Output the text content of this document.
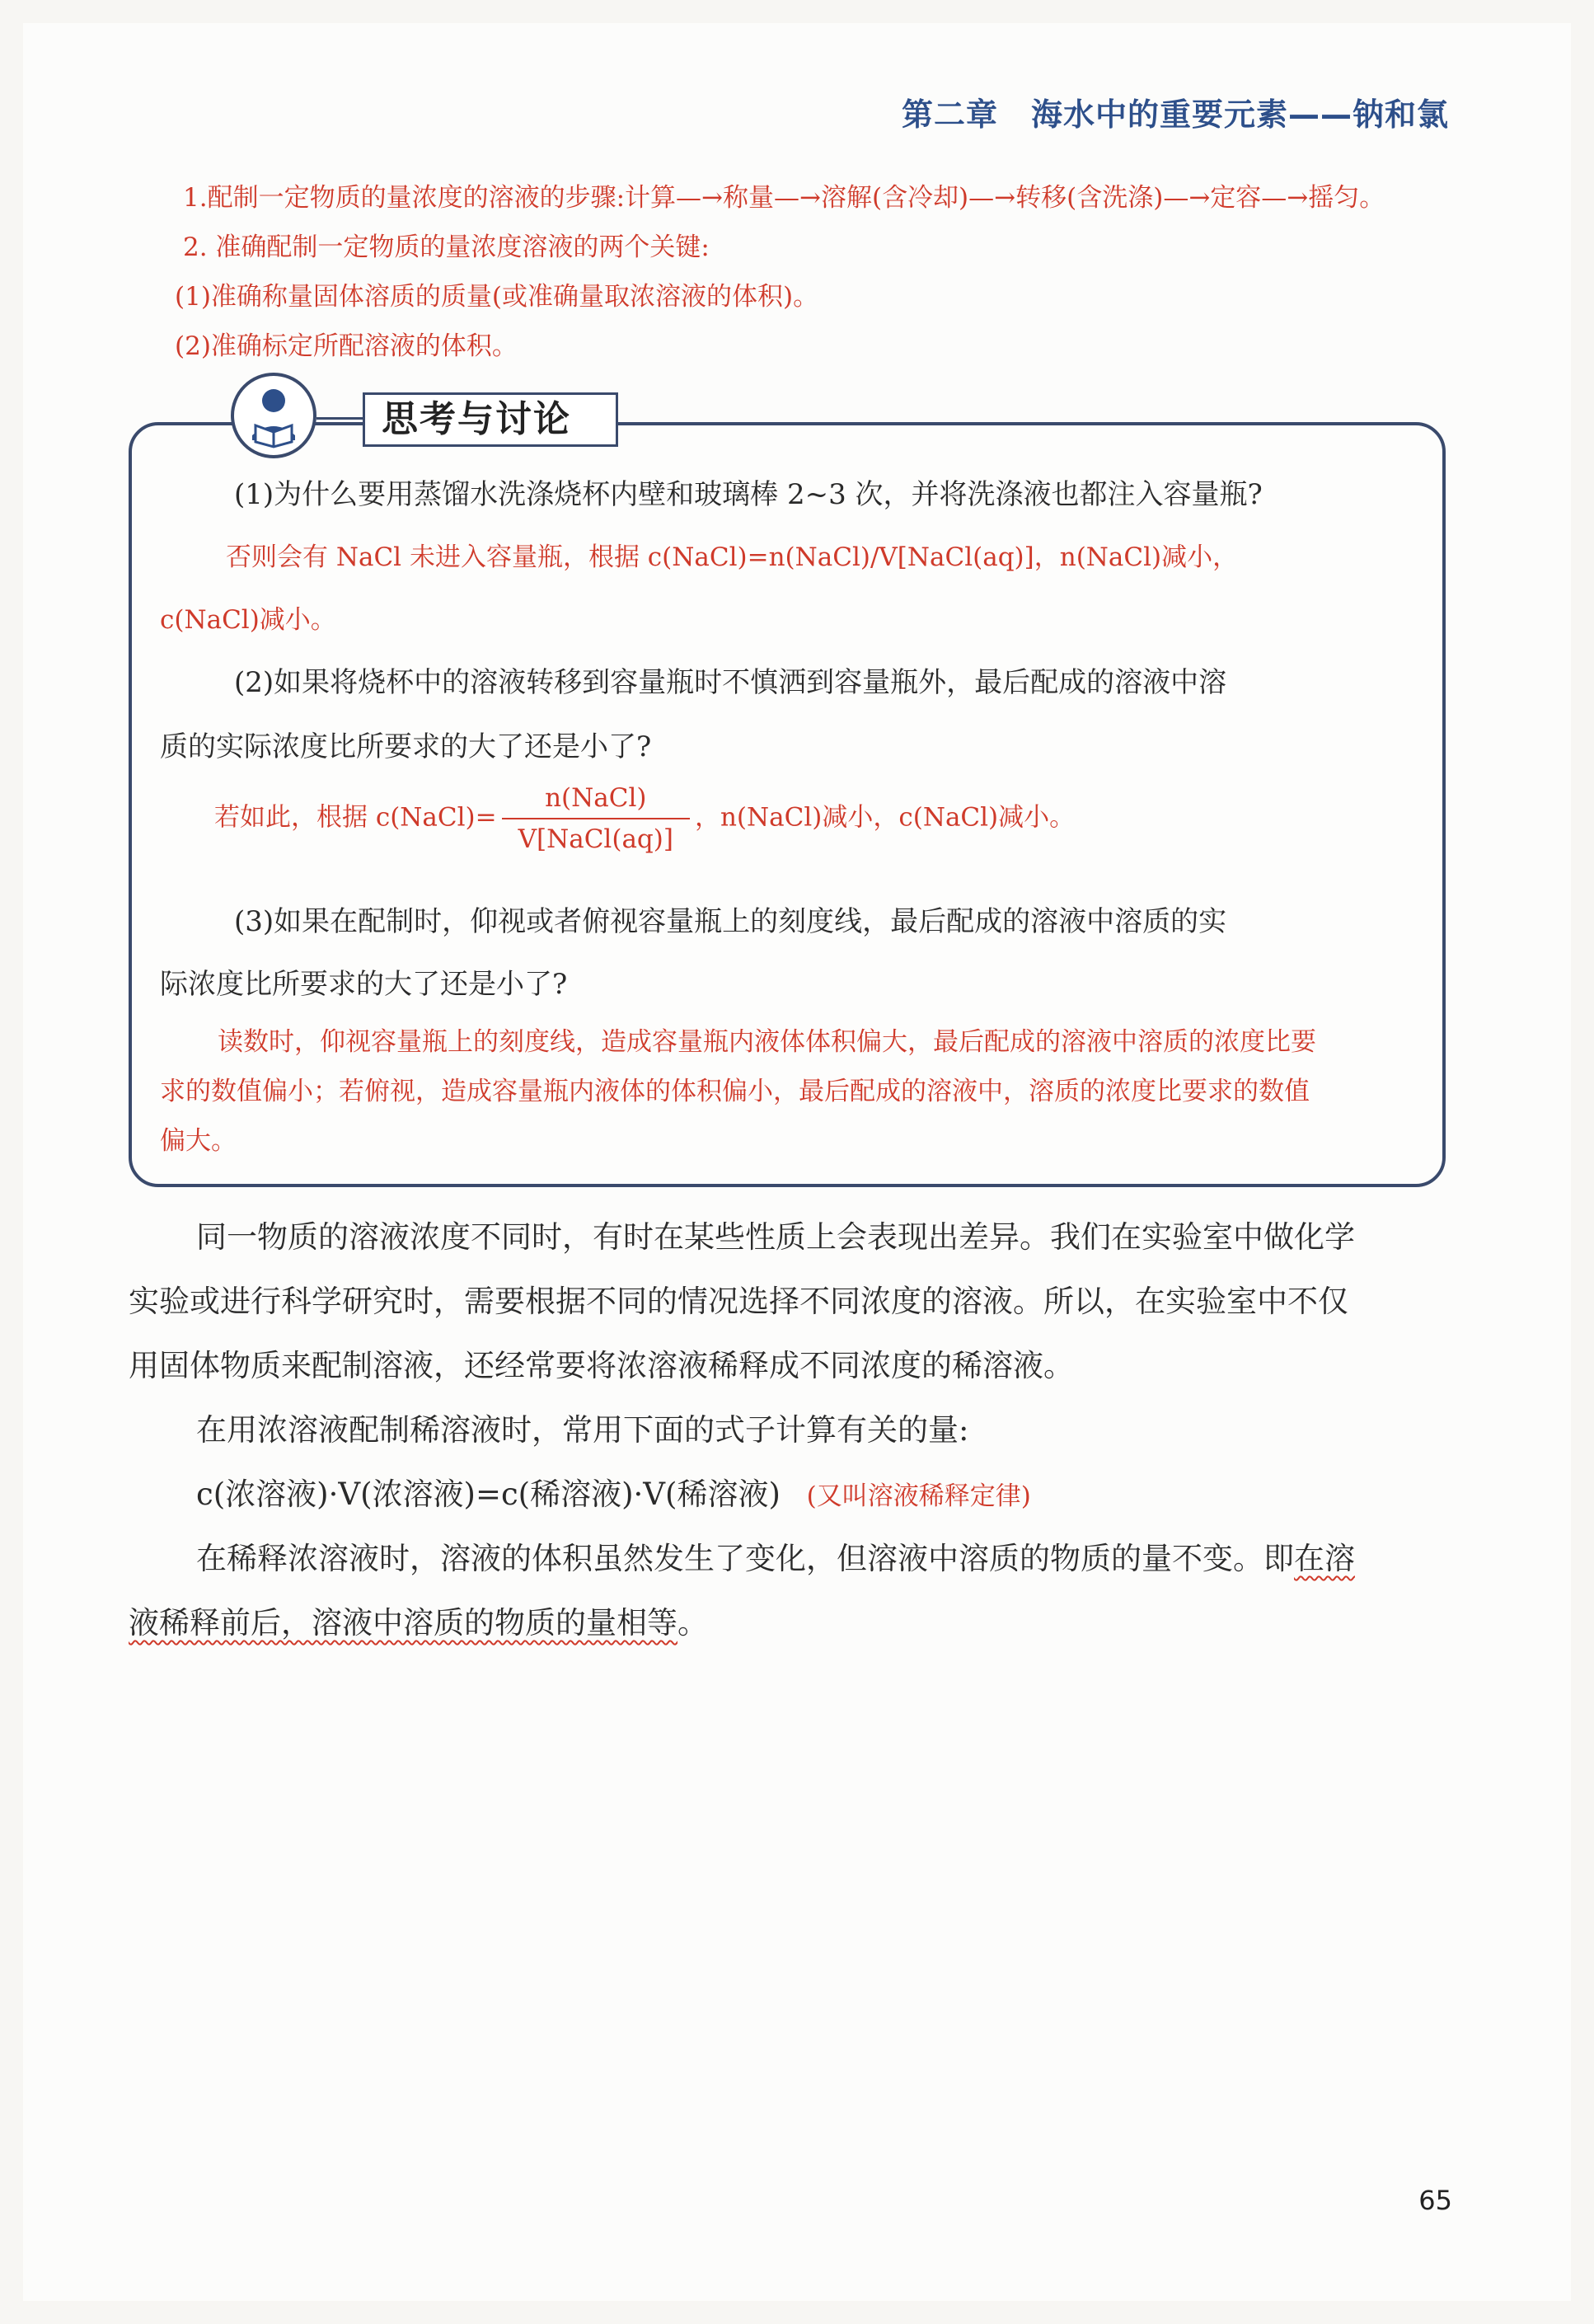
第二章 海水中的重要元素——钠和氯
1.配制一定物质的量浓度的溶液的步骤:计算—→称量—→溶解(含冷却)—→转移(含洗涤)—→定容—→摇匀。
2. 准确配制一定物质的量浓度溶液的两个关键:
(1)准确称量固体溶质的质量(或准确量取浓溶液的体积)。
(2)准确标定所配溶液的体积。
思考与讨论
(1)为什么要用蒸馏水洗涤烧杯内壁和玻璃棒 2~3 次，并将洗涤液也都注入容量瓶?
否则会有 NaCl 未进入容量瓶，根据 c(NaCl)=n(NaCl)/V[NaCl(aq)]，n(NaCl)减小，
c(NaCl)减小。
(2)如果将烧杯中的溶液转移到容量瓶时不慎洒到容量瓶外，最后配成的溶液中溶
质的实际浓度比所要求的大了还是小了?
若如此，根据 c(NaCl)= $\frac{\text{n(NaCl)}}{\text{V[NaCl(aq)]}}$ ，n(NaCl)减小，c(NaCl)减小。
(3)如果在配制时，仰视或者俯视容量瓶上的刻度线，最后配成的溶液中溶质的实
际浓度比所要求的大了还是小了?
读数时，仰视容量瓶上的刻度线，造成容量瓶内液体体积偏大，最后配成的溶液中溶质的浓度比要
求的数值偏小；若俯视，造成容量瓶内液体的体积偏小，最后配成的溶液中，溶质的浓度比要求的数值
偏大。
同一物质的溶液浓度不同时，有时在某些性质上会表现出差异。我们在实验室中做化学
实验或进行科学研究时，需要根据不同的情况选择不同浓度的溶液。所以，在实验室中不仅
用固体物质来配制溶液，还经常要将浓溶液稀释成不同浓度的稀溶液。
在用浓溶液配制稀溶液时，常用下面的式子计算有关的量:
c(浓溶液)·V(浓溶液)=c(稀溶液)·V(稀溶液) (又叫溶液稀释定律)
在稀释浓溶液时，溶液的体积虽然发生了变化，但溶液中溶质的物质的量不变。即在溶
液稀释前后，溶液中溶质的物质的量相等。
65
